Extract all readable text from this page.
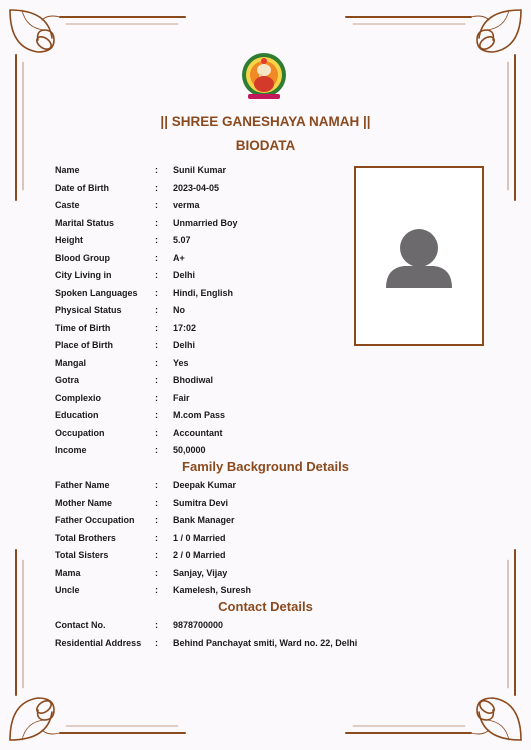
|| SHREE GANESHAYA NAMAH ||
BIODATA
Name	:	Sunil Kumar
Date of Birth	:	2023-04-05
Caste	:	verma
Marital Status	:	Unmarried Boy
Height	:	5.07
Blood Group	:	A+
City Living in	:	Delhi
Spoken Languages	:	Hindi, English
Physical Status	:	No
Time of Birth	:	17:02
Place of Birth	:	Delhi
Mangal	:	Yes
Gotra	:	Bhodiwal
Complexio	:	Fair
Education	:	M.com Pass
Occupation	:	Accountant
Income	:	50,0000
Family Background Details
Father Name	:	Deepak Kumar
Mother Name	:	Sumitra Devi
Father Occupation	:	Bank Manager
Total Brothers	:	1 / 0 Married
Total Sisters	:	2 / 0 Married
Mama	:	Sanjay, Vijay
Uncle	:	Kamelesh, Suresh
Contact Details
Contact No.	:	9878700000
Residential Address	:	Behind Panchayat smiti, Ward no. 22, Delhi
